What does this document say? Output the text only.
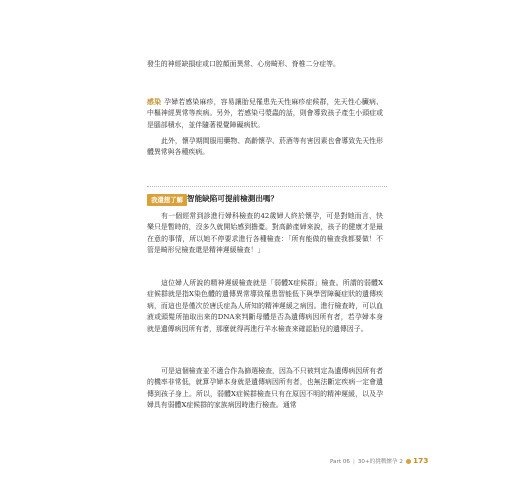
發生的神經缺損症或口腔顏面異常、心房畸形、脊椎二分症等。

感染 孕婦若感染麻疹，容易讓胎兒罹患先天性麻疹症候群，先天性心臟病、中樞神經異常等疾病。另外，若感染弓漿蟲的話，則會導致孩子產生小頭症或是腦部積水，並伴隨著視覺障礙病狀。

此外，懷孕期間服用藥物、高齡懷孕、菸酒等有害因素也會導致先天性形體異常與各種疾病。

我還想了解 智能缺陷可提前檢測出嗎？

有一個經常到診進行婦科檢查的42歲婦人終於懷孕，可是對她而言，快樂只是暫時的，沒多久就開始感到擔憂。對高齡產婦來說，孩子的健康才是最在意的事情，所以她不停要求進行各種檢查：「所有能做的檢查我都要做！不管是畸形兒檢查還是精神遲緩檢查！」

這位婦人所說的精神遲緩檢查就是「弱體X症候群」檢查。所謂的弱體X症候群就是指X染色體的遺傳異常導致罹患智能低下與學習障礙症狀的遺傳疾病，而這也是僅次於唐氏症為人所知的精神遲緩之病因。進行檢查時，可以血液或頭髮所抽取出來的DNA來判斷母體是否為遺傳病因所有者，若孕婦本身就是遺傳病因所有者，那麼就得再進行羊水檢查來確認胎兒的遺傳因子。

可是這個檢查並不適合作為篩選檢查，因為不只被判定為遺傳病因所有者的機率非常低，就算孕婦本身就是遺傳病因所有者，也無法斷定疾病一定會遺傳到孩子身上。所以，弱體X症候群檢查只有在原因不明的精神遲緩，以及孕婦具有弱體X症候群的家族病因時進行檢查。通常

Part 06 | 30+的挑戰懷孕 2 173
